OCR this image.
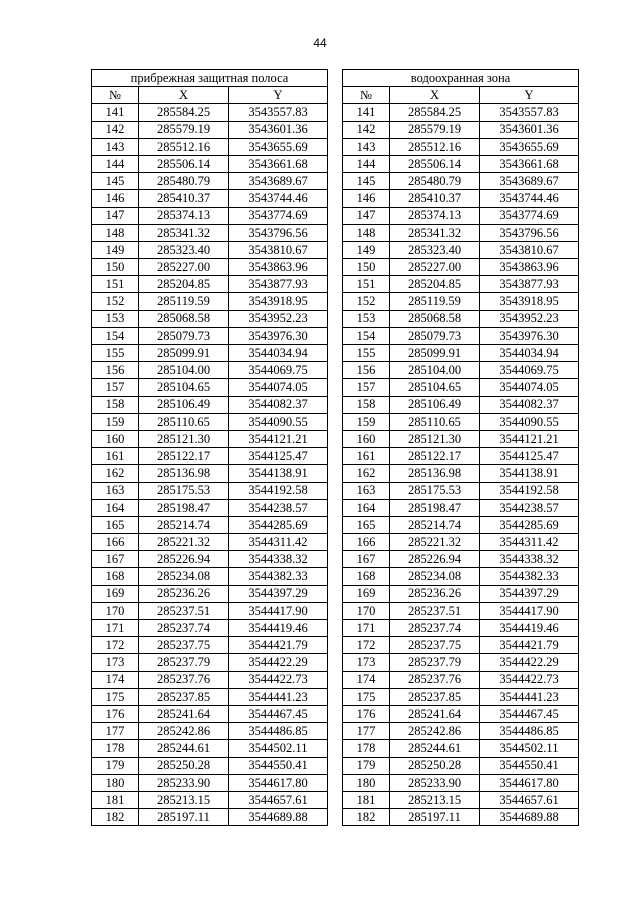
44
прибрежная защитная полоса		
№	X	Y
141	285584.25	3543557.83
142	285579.19	3543601.36
143	285512.16	3543655.69
144	285506.14	3543661.68
145	285480.79	3543689.67
146	285410.37	3543744.46
147	285374.13	3543774.69
148	285341.32	3543796.56
149	285323.40	3543810.67
150	285227.00	3543863.96
151	285204.85	3543877.93
152	285119.59	3543918.95
153	285068.58	3543952.23
154	285079.73	3543976.30
155	285099.91	3544034.94
156	285104.00	3544069.75
157	285104.65	3544074.05
158	285106.49	3544082.37
159	285110.65	3544090.55
160	285121.30	3544121.21
161	285122.17	3544125.47
162	285136.98	3544138.91
163	285175.53	3544192.58
164	285198.47	3544238.57
165	285214.74	3544285.69
166	285221.32	3544311.42
167	285226.94	3544338.32
168	285234.08	3544382.33
169	285236.26	3544397.29
170	285237.51	3544417.90
171	285237.74	3544419.46
172	285237.75	3544421.79
173	285237.79	3544422.29
174	285237.76	3544422.73
175	285237.85	3544441.23
176	285241.64	3544467.45
177	285242.86	3544486.85
178	285244.61	3544502.11
179	285250.28	3544550.41
180	285233.90	3544617.80
181	285213.15	3544657.61
182	285197.11	3544689.88
водоохранная зона		
№	X	Y
141	285584.25	3543557.83
142	285579.19	3543601.36
143	285512.16	3543655.69
144	285506.14	3543661.68
145	285480.79	3543689.67
146	285410.37	3543744.46
147	285374.13	3543774.69
148	285341.32	3543796.56
149	285323.40	3543810.67
150	285227.00	3543863.96
151	285204.85	3543877.93
152	285119.59	3543918.95
153	285068.58	3543952.23
154	285079.73	3543976.30
155	285099.91	3544034.94
156	285104.00	3544069.75
157	285104.65	3544074.05
158	285106.49	3544082.37
159	285110.65	3544090.55
160	285121.30	3544121.21
161	285122.17	3544125.47
162	285136.98	3544138.91
163	285175.53	3544192.58
164	285198.47	3544238.57
165	285214.74	3544285.69
166	285221.32	3544311.42
167	285226.94	3544338.32
168	285234.08	3544382.33
169	285236.26	3544397.29
170	285237.51	3544417.90
171	285237.74	3544419.46
172	285237.75	3544421.79
173	285237.79	3544422.29
174	285237.76	3544422.73
175	285237.85	3544441.23
176	285241.64	3544467.45
177	285242.86	3544486.85
178	285244.61	3544502.11
179	285250.28	3544550.41
180	285233.90	3544617.80
181	285213.15	3544657.61
182	285197.11	3544689.88
